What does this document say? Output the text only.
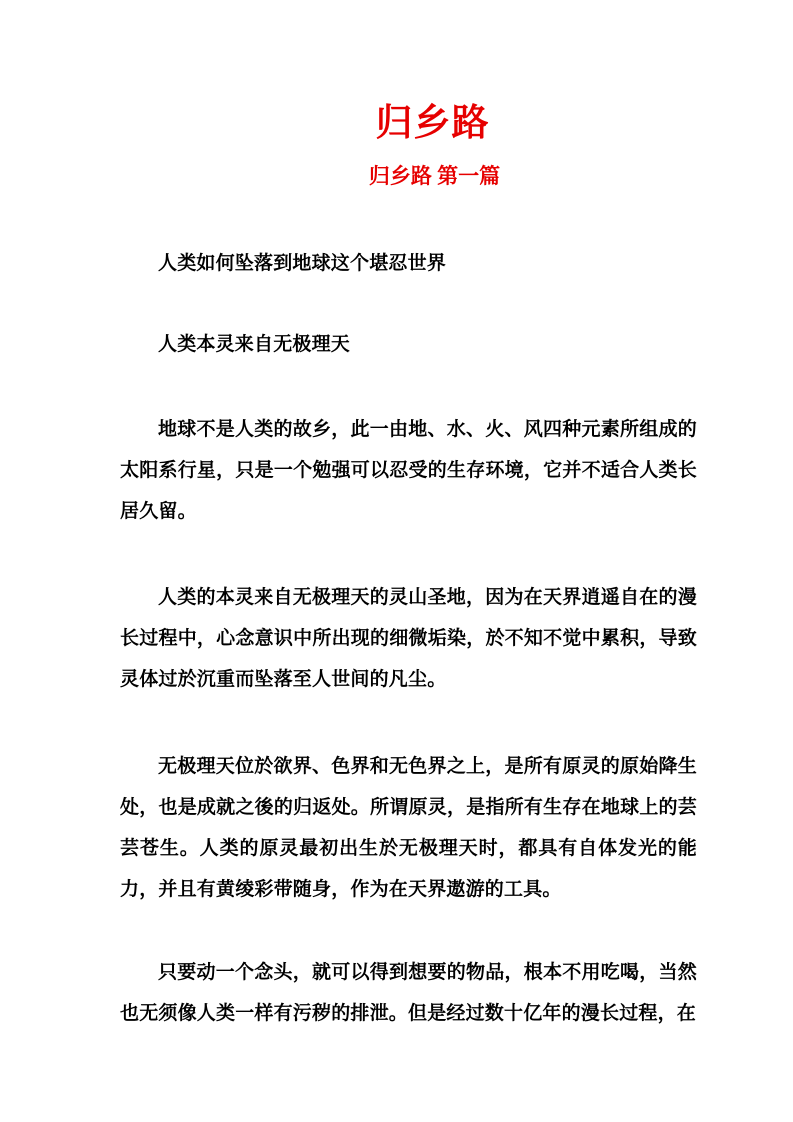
归乡路
归乡路 第一篇

人类如何坠落到地球这个堪忍世界

人类本灵来自无极理天

地球不是人类的故乡，此一由地、水、火、风四种元素所组成的太阳系行星，只是一个勉强可以忍受的生存环境，它并不适合人类长居久留。

人类的本灵来自无极理天的灵山圣地，因为在天界逍遥自在的漫长过程中，心念意识中所出现的细微垢染，於不知不觉中累积，导致灵体过於沉重而坠落至人世间的凡尘。

无极理天位於欲界、色界和无色界之上，是所有原灵的原始降生处，也是成就之後的归返处。所谓原灵，是指所有生存在地球上的芸芸苍生。人类的原灵最初出生於无极理天时，都具有自体发光的能力，并且有黄绫彩带随身，作为在天界遨游的工具。

只要动一个念头，就可以得到想要的物品，根本不用吃喝，当然也无须像人类一样有污秽的排泄。但是经过数十亿年的漫长过程，在
